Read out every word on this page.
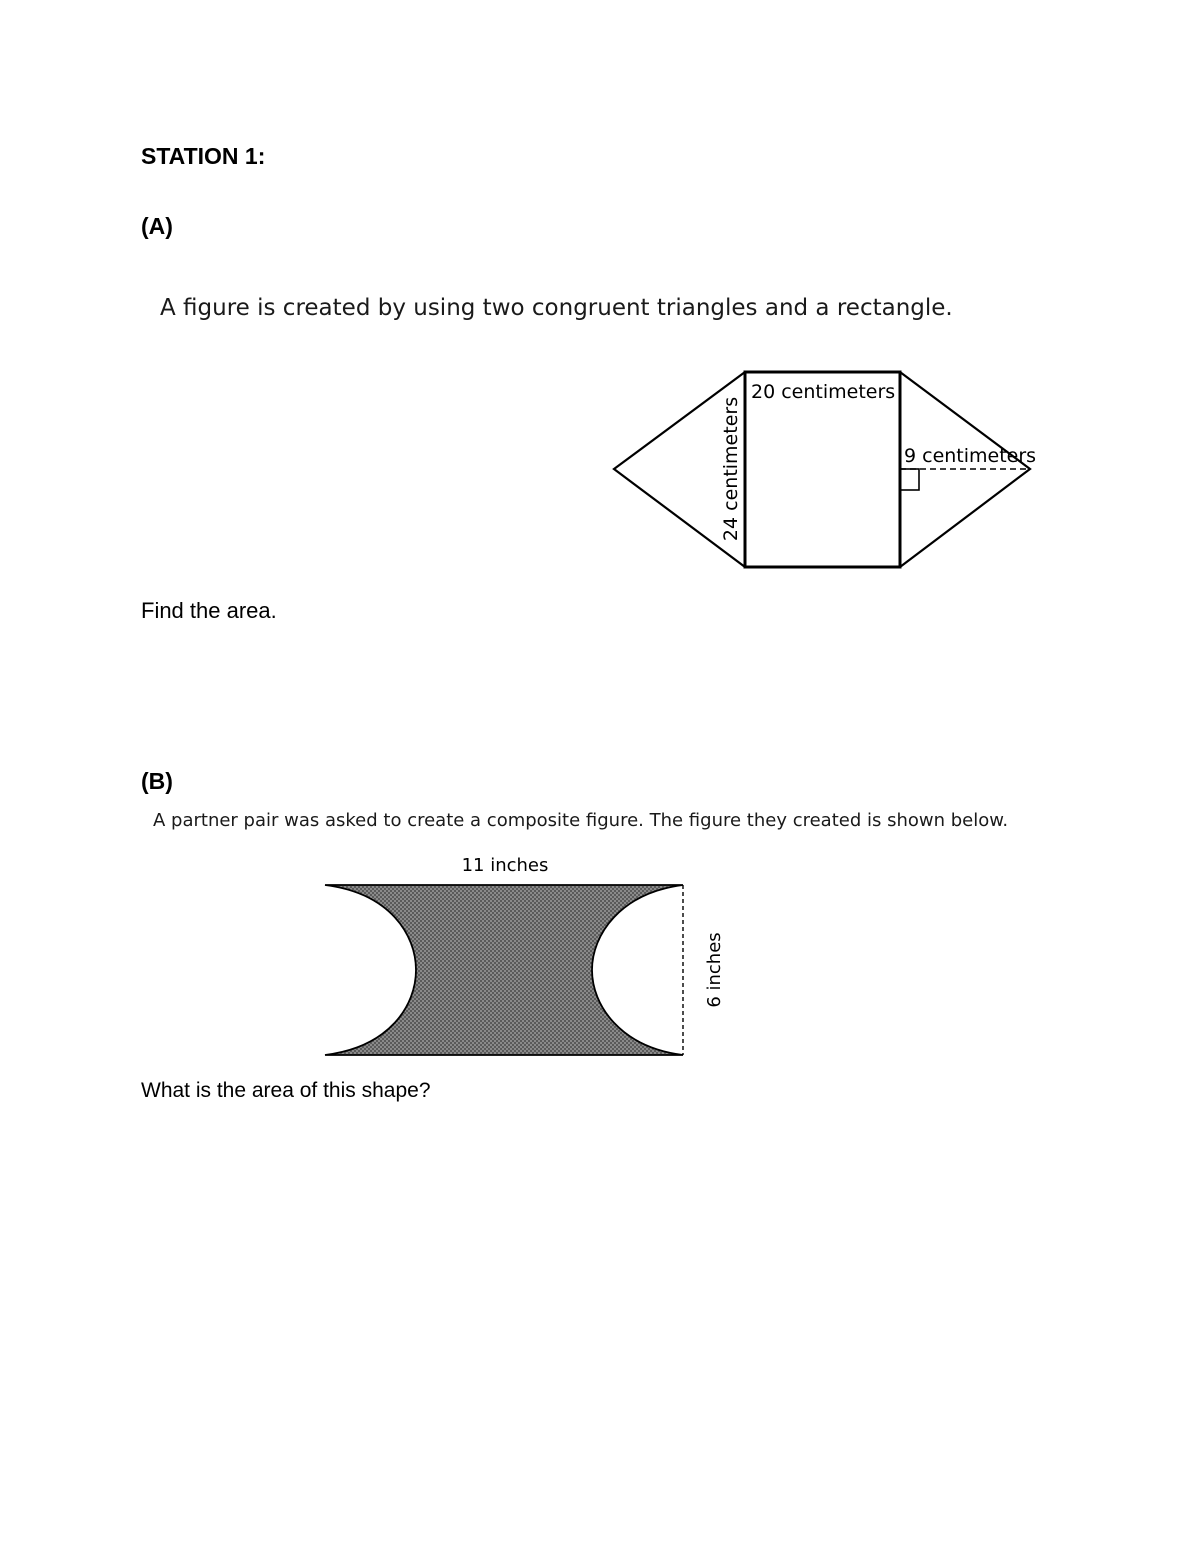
STATION 1:
(A)

A figure is created by using two congruent triangles and a rectangle.

20 centimeters
9 centimeters
24 centimeters

Find the area.

(B)

A partner pair was asked to create a composite figure. The figure they created is shown below.

11 inches
6 inches

What is the area of this shape?
